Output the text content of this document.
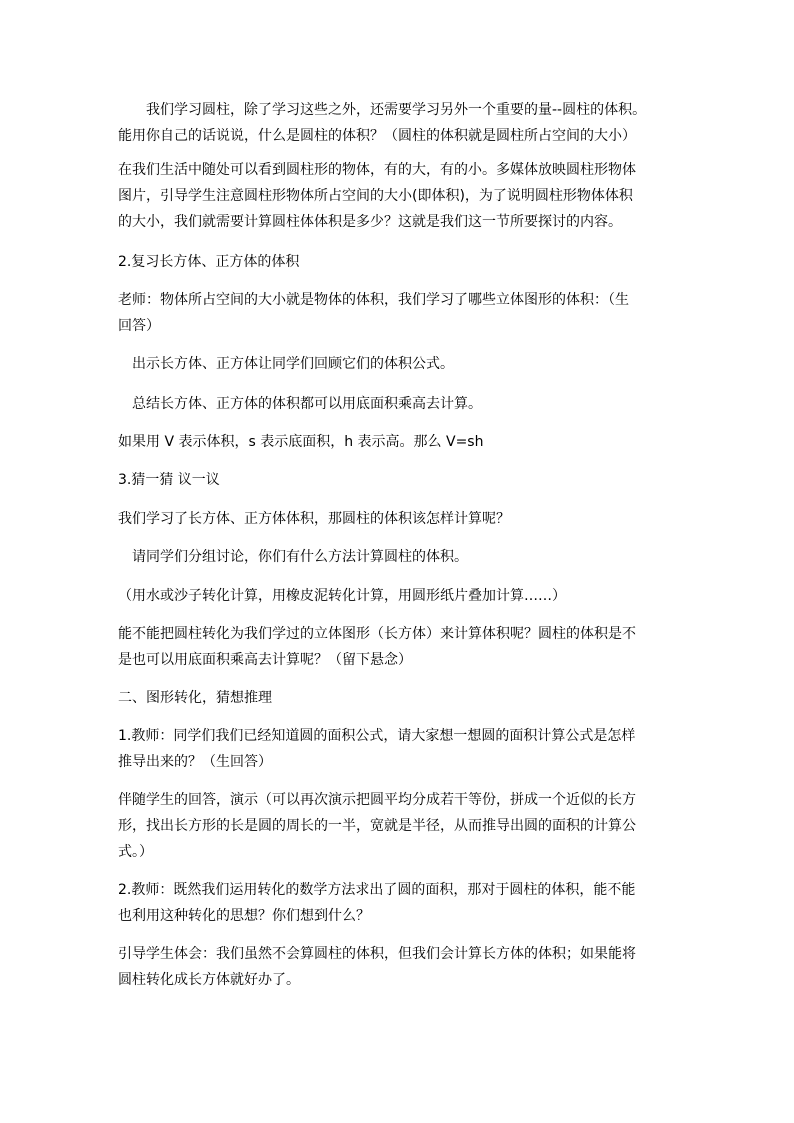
　　我们学习圆柱，除了学习这些之外，还需要学习另外一个重要的量--圆柱的体积。
能用你自己的话说说，什么是圆柱的体积？（圆柱的体积就是圆柱所占空间的大小）

在我们生活中随处可以看到圆柱形的物体，有的大，有的小。多媒体放映圆柱形物体
图片，引导学生注意圆柱形物体所占空间的大小(即体积)，为了说明圆柱形物体体积
的大小，我们就需要计算圆柱体体积是多少？这就是我们这一节所要探讨的内容。

2.复习长方体、正方体的体积

老师：物体所占空间的大小就是物体的体积，我们学习了哪些立体图形的体积：（生
回答）

　出示长方体、正方体让同学们回顾它们的体积公式。

　总结长方体、正方体的体积都可以用底面积乘高去计算。

如果用 V 表示体积，s 表示底面积，h 表示高。那么 V=sh

3.猜一猜 议一议

我们学习了长方体、正方体体积，那圆柱的体积该怎样计算呢？

　请同学们分组讨论，你们有什么方法计算圆柱的体积。

（用水或沙子转化计算，用橡皮泥转化计算，用圆形纸片叠加计算……）

能不能把圆柱转化为我们学过的立体图形（长方体）来计算体积呢？圆柱的体积是不
是也可以用底面积乘高去计算呢？（留下悬念）

二、图形转化，猜想推理

1.教师：同学们我们已经知道圆的面积公式，请大家想一想圆的面积计算公式是怎样
推导出来的？（生回答）

伴随学生的回答，演示（可以再次演示把圆平均分成若干等份，拼成一个近似的长方
形，找出长方形的长是圆的周长的一半，宽就是半径，从而推导出圆的面积的计算公
式。）

2.教师：既然我们运用转化的数学方法求出了圆的面积，那对于圆柱的体积，能不能
也利用这种转化的思想？你们想到什么？

引导学生体会：我们虽然不会算圆柱的体积，但我们会计算长方体的体积；如果能将
圆柱转化成长方体就好办了。
